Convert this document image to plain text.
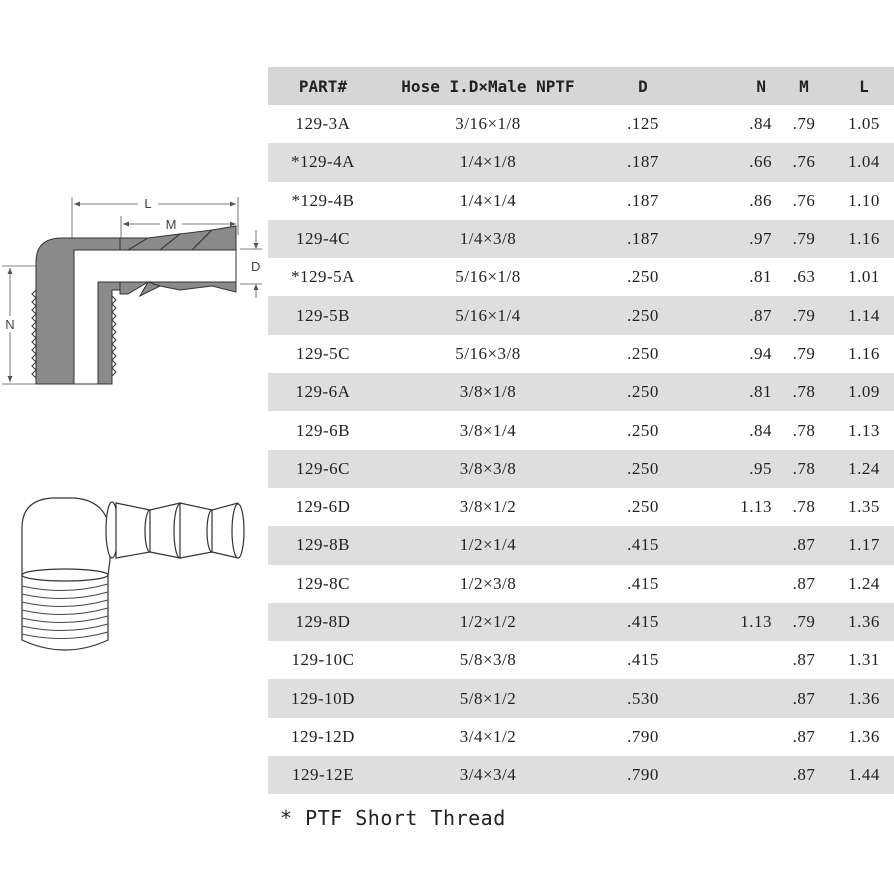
L
M
D
N
PART#	Hose I.D×Male NPTF	D	N	M	L
129-3A	3/16×1/8	.125	.84	.79	1.05
*129-4A	1/4×1/8	.187	.66	.76	1.04
*129-4B	1/4×1/4	.187	.86	.76	1.10
129-4C	1/4×3/8	.187	.97	.79	1.16
*129-5A	5/16×1/8	.250	.81	.63	1.01
129-5B	5/16×1/4	.250	.87	.79	1.14
129-5C	5/16×3/8	.250	.94	.79	1.16
129-6A	3/8×1/8	.250	.81	.78	1.09
129-6B	3/8×1/4	.250	.84	.78	1.13
129-6C	3/8×3/8	.250	.95	.78	1.24
129-6D	3/8×1/2	.250	1.13	.78	1.35
129-8B	1/2×1/4	.415		.87	1.17
129-8C	1/2×3/8	.415		.87	1.24
129-8D	1/2×1/2	.415	1.13	.79	1.36
129-10C	5/8×3/8	.415		.87	1.31
129-10D	5/8×1/2	.530		.87	1.36
129-12D	3/4×1/2	.790		.87	1.36
129-12E	3/4×3/4	.790		.87	1.44
* PTF Short Thread
